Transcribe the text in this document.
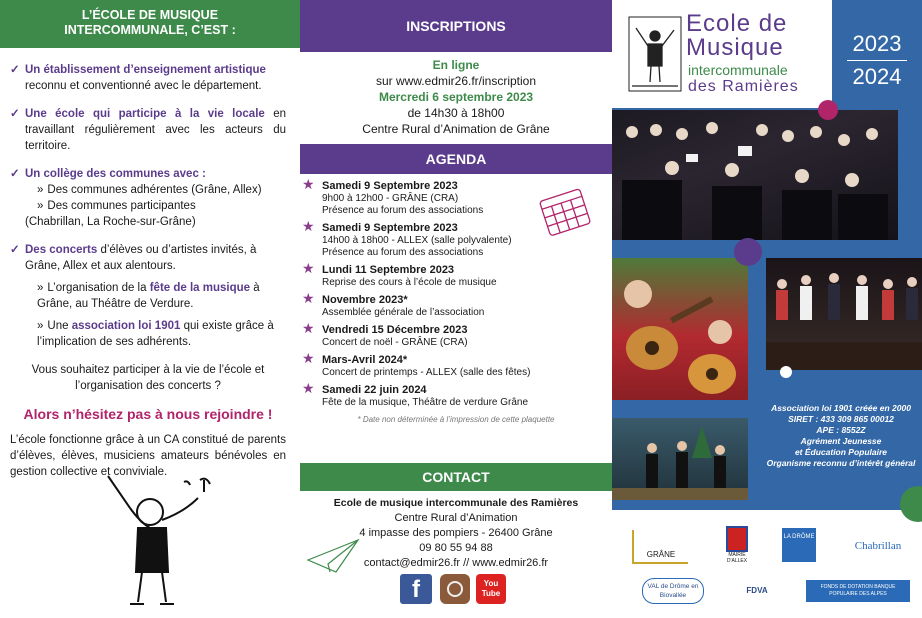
L’ÉCOLE DE MUSIQUE
INTERCOMMUNALE, C’EST :
✓ Un établissement d’enseignement artistique reconnu et conventionné avec le département.
✓ Une école qui participe à la vie locale en travaillant régulièrement avec les acteurs du territoire.
✓ Un collège des communes avec :
» Des communes adhérentes (Grâne, Allex)
» Des communes participantes
(Chabrillan, La Roche-sur-Grâne)
✓ Des concerts d’élèves ou d’artistes invités, à Grâne, Allex et aux alentours.
» L’organisation de la fête de la musique à Grâne, au Théâtre de Verdure.
» Une association loi 1901 qui existe grâce à l’implication de ses adhérents.
Vous souhaitez participer à la vie de l’école et l’organisation des concerts ?
Alors n’hésitez pas à nous rejoindre !
L’école fonctionne grâce à un CA constitué de parents d’élèves, élèves, musiciens amateurs bénévoles en gestion collective et conviviale.
INSCRIPTIONS
En ligne
sur www.edmir26.fr/inscription
Mercredi 6 septembre 2023
de 14h30 à 18h00
Centre Rural d’Animation de Grâne
AGENDA
★ Samedi 9 Septembre 2023
9h00 à 12h00 - GRÂNE (CRA)
Présence au forum des associations
★ Samedi 9 Septembre 2023
14h00 à 18h00 - ALLEX (salle polyvalente)
Présence au forum des associations
★ Lundi 11 Septembre 2023
Reprise des cours à l’école de musique
★ Novembre 2023*
Assemblée générale de l’association
★ Vendredi 15 Décembre 2023
Concert de noël - GRÂNE (CRA)
★ Mars-Avril 2024*
Concert de printemps - ALLEX (salle des fêtes)
★ Samedi 22 juin 2024
Fête de la musique, Théâtre de verdure Grâne
* Date non déterminée à l’impression de cette plaquette
CONTACT
Ecole de musique intercommunale des Ramières
Centre Rural d’Animation
4 impasse des pompiers - 26400 Grâne
09 80 55 94 88
contact@edmir26.fr // www.edmir26.fr
f	You Tube
Ecole de
Musique
intercommunale
des Ramières
2023
2024
Association loi 1901 créée en 2000
SIRET : 433 309 865 00012
APE : 8552Z
Agrément Jeunesse
et Éducation Populaire
Organisme reconnu d’intérêt général
GRÂNE	MAIRIE D'ALLEX
LA DRÔME
Chabrillan
VAL de Drôme en Biovallée
FDVA	FONDS DE DOTATION BANQUE POPULAIRE DES ALPES
